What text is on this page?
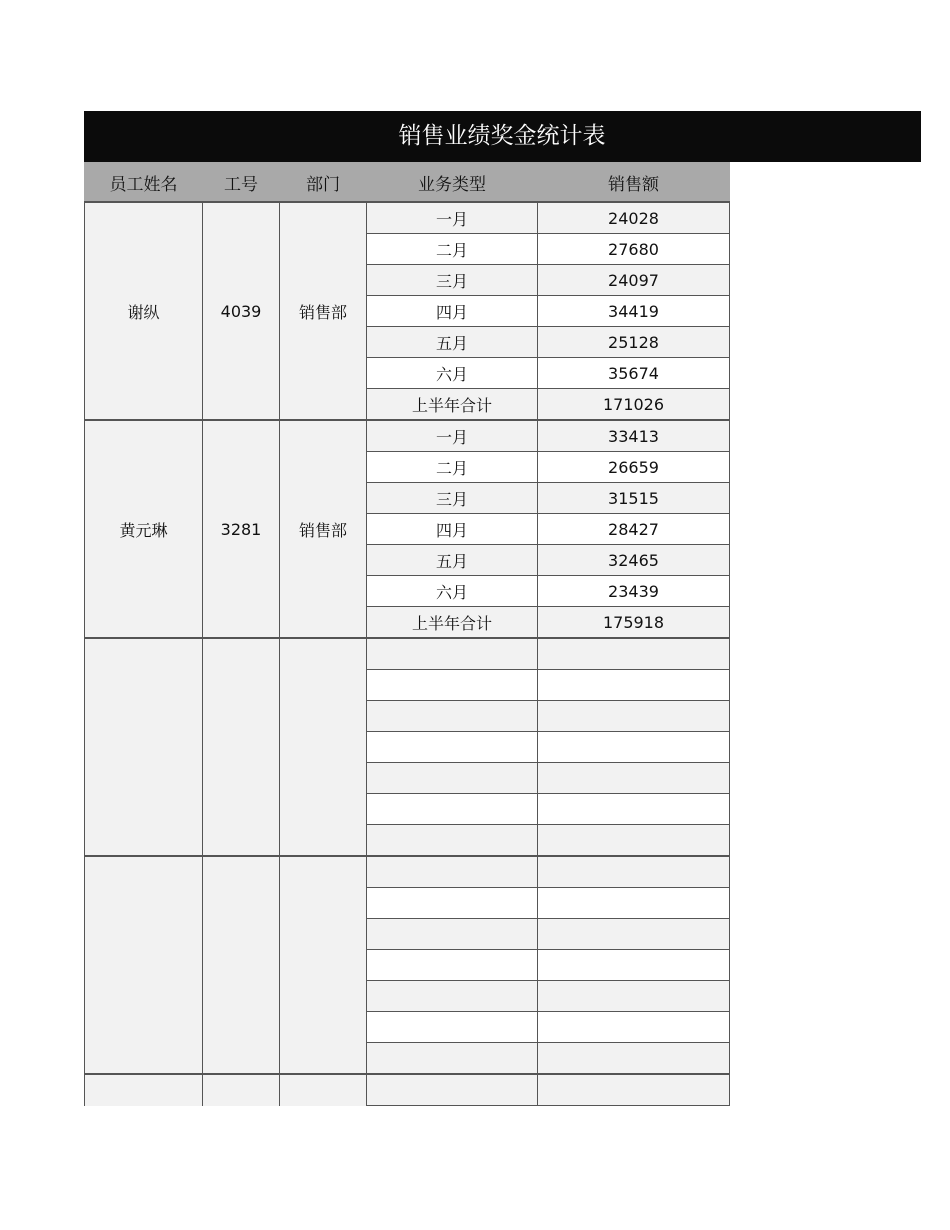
销售业绩奖金统计表
员工姓名	工号	部门	业务类型	销售额
谢纵	4039	销售部	一月	24028
			二月	27680
			三月	24097
			四月	34419
			五月	25128
			六月	35674
			上半年合计	171026
黄元琳	3281	销售部	一月	33413
			二月	26659
			三月	31515
			四月	28427
			五月	32465
			六月	23439
			上半年合计	175918
